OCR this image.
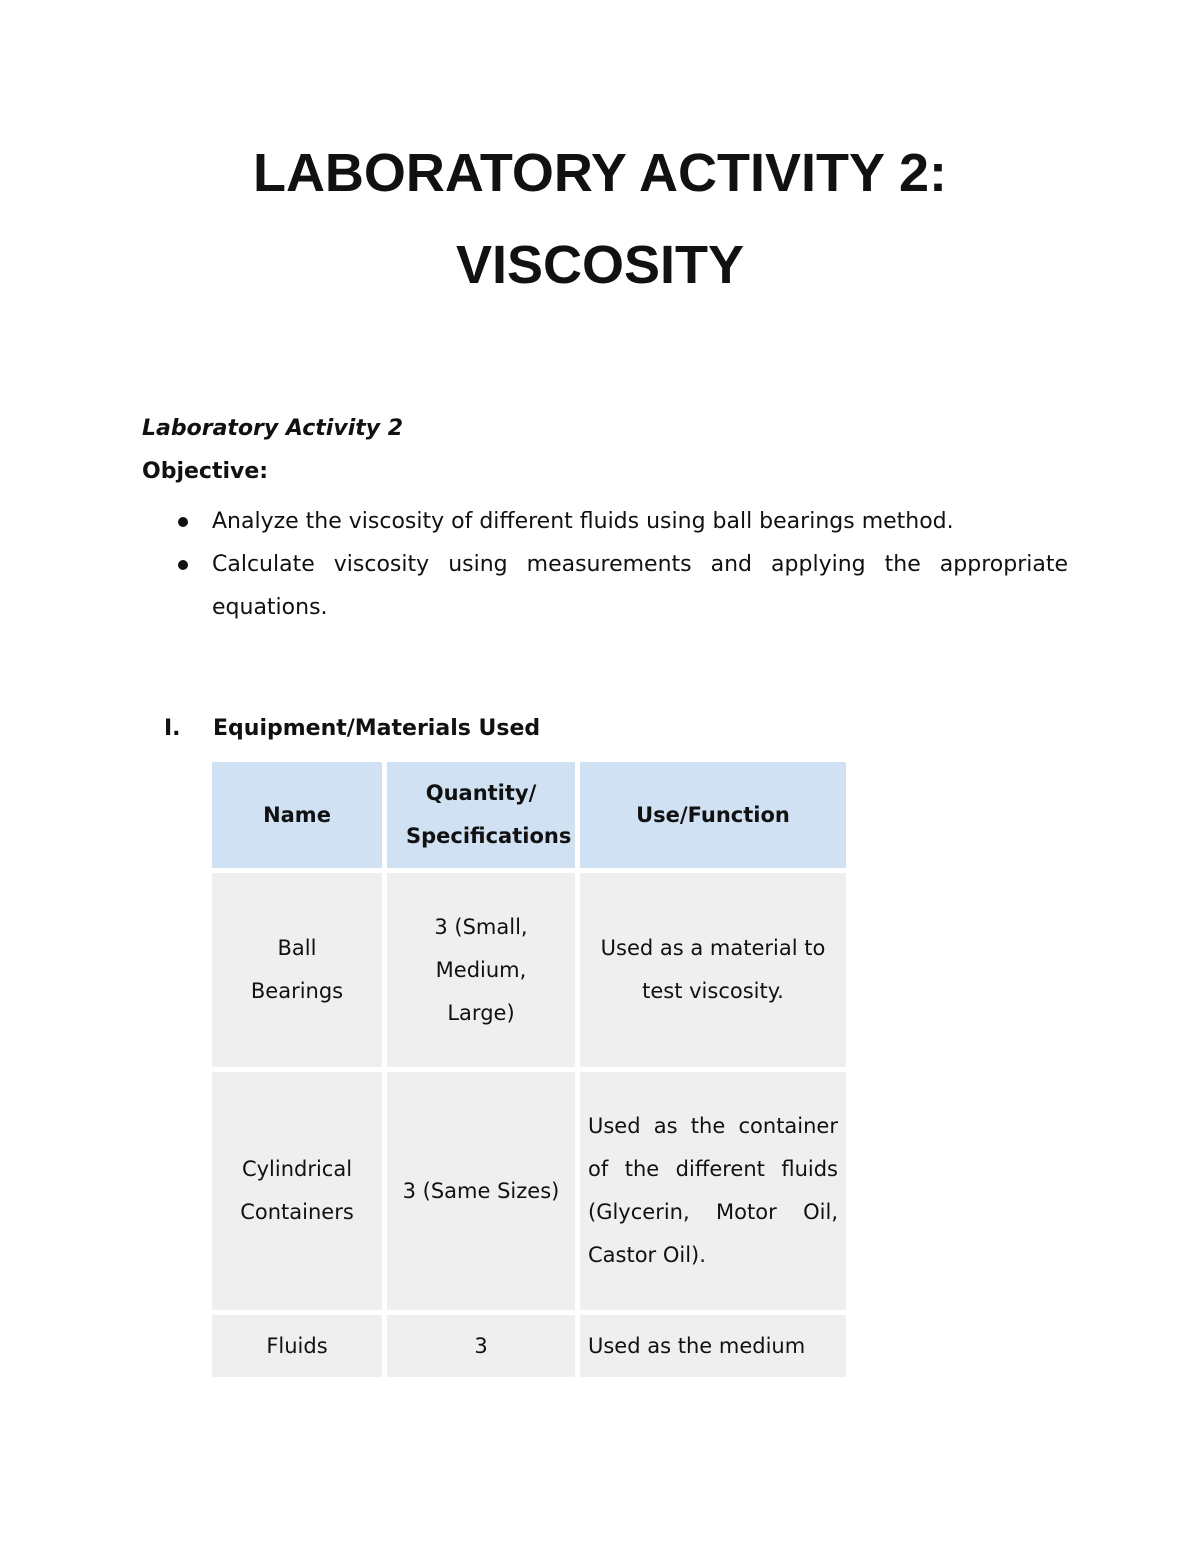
LABORATORY ACTIVITY 2:
VISCOSITY
Laboratory Activity 2
Objective:
Analyze the viscosity of different fluids using ball bearings method.
Calculate viscosity using measurements and applying the appropriate equations.
I. Equipment/Materials Used
Name	Quantity/ Specifications	Use/Function
Ball Bearings	3 (Small, Medium, Large)	Used as a material to test viscosity.
Cylindrical Containers	3 (Same Sizes)	Used as the container of the different fluids (Glycerin, Motor Oil, Castor Oil).
Fluids	3	Used as the medium
